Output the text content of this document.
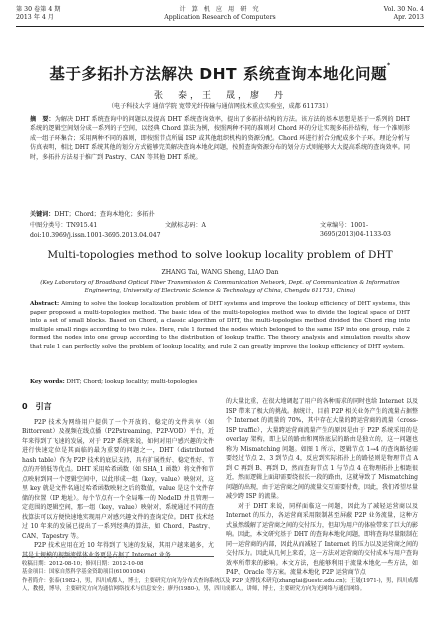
第 30 卷第 4 期
2013 年 4 月
计 算 机 应 用 研 究
Application Research of Computers
Vol. 30 No. 4
Apr. 2013
基于多拓扑方法解决 DHT 系统查询本地化问题*
张　泰，王　晟，廖　丹
（电子科技大学 通信学院 宽带光纤传输与通信网技术重点实验室，成都 611731）
摘　要：为解决 DHT 系统查询中的问题以及提高 DHT 系统查询效率，提出了多拓扑结构的方法。该方法的基本思想是基于一系列的 DHT 系统的逻辑空间划分成一系列的子空间，以经典 Chord 算法为例，按照两种不同的准则对 Chord 环的分让实现多拓扑结构，每一个准则形成一组子环集合；采用两种不同的准则，即按照节点所属 ISP 或其他组织机构的资源分配。Chord 环进行折合分配成多个子环。理论分析与仿真表明，相比 DHT 系统其他的划分方式能够完美解决查询本地化问题，按照查询资源分布的划分方式则能够大大提高系统的查询效率。同时，多拓扑方法易于推广到 Pastry、CAN 等其他 DHT 系统。
关键词：DHT；Chord；查询本地化；多拓扑
中图分类号：TN915.41	文献标志码：A	文章编号：1001-3695(2013)04-1133-03
doi:10.3969/j.issn.1001-3695.2013.04.047
Multi-topologies method to solve lookup locality problem of DHT
ZHANG Tai, WANG Sheng, LIAO Dan
(Key Laboratory of Broadband Optical Fiber Transmission & Communication Network, Dept. of Communication & Information Engineering, University of Electronic Science & Technology of China, Chengdu 611731, China)
Abstract: Aiming to solve the lookup localization problem of DHT systems and improve the lookup efficiency of DHT systems, this paper proposed a multi-topologies method. The basic idea of the multi-topologies method was to divide the logical space of DHT into a set of small blocks. Based on Chord, a classic algorithm of DHT, the multi-topologies method divided the Chord ring into multiple small rings according to two rules. Here, rule 1 formed the nodes which belonged to the same ISP into one group, rule 2 formed the nodes into one group according to the distribution of lookup traffic. The theory analysis and simulation results show that rule 1 can perfectly solve the problem of lookup locality, and rule 2 can greatly improve the lookup efficiency of DHT system.
Key words: DHT; Chord; lookup locality; multi-topologies
0　引言

P2P 技术为网络用户提供了一个开放的、稳定的文件共享（如 Bittorrent）及视频在线点播（P2Pstreaming、P2P-VOD）平台，近年来得到了飞速的发展，对于 P2P 系统来说，如何对用户感兴趣的文件进行快速定位是其面临的最为重要的问题之一，DHT（distributed hash table）作为 P2P 技术的底层支持，具有扩展性好、稳定性好、节点的开销低等优点。DHT 采用哈希函数（如 SHA_1 函数）将文件和节点映射到同一个逻辑空间中，以此形成一组（key，value）映射对，这里 key 就是文件名通过哈希函数映射之后的数值，value 是这个文件存储的位置（IP 地址）。每个节点有一个全局唯一的 NodeID 并且管理一定范围的逻辑空间，那一组（key，value）映射对，系统通过不同的查找算法可以方便快速地实现用户对感兴趣文件的查询定位。DHT 技术经过 10 年来的发展已提出了一系列经典的算法，如 Chord、Pastry、CAN、Tapestry 等。

P2P 技术应用在近 10 年得到了飞速的发展，其用户越来越多，尤其是大规模的视频流媒体业务更是占据了 Internet 业务

的大量比重，在很大地调起了用户的各种需求的同时也给 Internet 以及 ISP 带来了极大的挑战。据统计，目前 P2P 相关业务产生的流量占据整个 Internet 的流量的 70%，其中存在大量的跨运营商的流量（cross-ISP traffic），大量跨运营商流量产生的原因是由于 P2P 系统采用的是 overlay 架构，即上层的路由和网络底层的路由是独立的，这一问题也称为 Mismatching 问题。如图 1 所示，逻辑节点 1→4 的查询路径需要经过节点 2、3 到节点 4，反应到实际拓扑上的路径则是物理节点 A 到 C 再到 B、再到 D，然而查询节点 1 与节点 4 在物理拓扑上相距很近，然而逻辑上面却需要绕很长一段的路由，这就导致了 Mismatching 问题的出现，由于运营商之间的流量交互需要付费，因此，我们希望尽量减少跨 ISP 的流量。

对于 DHT 来说，同样面临这一问题，因此为了减轻运营商以及 Internet 的压力，各运营商采用限制甚至屏蔽 P2P 业务流量，这种方式虽然缓解了运营商之间的交付压力，但却为用户的体验带来了巨大的影响。因此，本文研究基于 DHT 的查询本地化问题，即将查询尽量限制在同一运营商的内部，因此从而减轻了 Internet 的压力以及运营商之间的交付压力。因此从几何上来看，这一方法对运营商的交付成本与用户查询效率所带来的影响。本文方法，也能够利用于流量本地化一些方法，如 P4P、Oracle 等方案。流量本地化 P2P 运营商节点

收稿日期：2012-08-10；修回日期：2012-10-08
基金项目：国家自然科学基金资助项目(61001084)
作者简介：张泰(1982-)，男，四川成都人，博士，主要研究方向为分布式查询系统以及 P2P 支撑技术研究(zhangtai@uestc.edu.cn)；王晟(1971-)，男，四川成都人，教授，博导，主要研究方向为通信网络技术与信息安全；廖丹(1980-)，男，四川成都人，讲师，博士，主要研究方向为光网络与通信网络。
